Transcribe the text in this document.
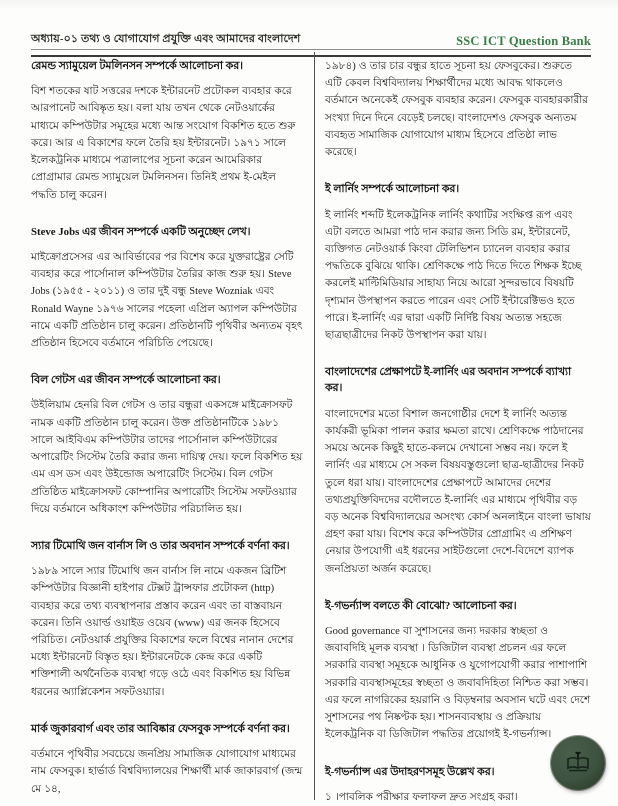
অধ্যায়-০১ তথ্য ও যোগাযোগ প্রযুক্তি এবং আমাদের বাংলাদেশ	SSC ICT Question Bank
রেমন্ড স্যামুয়েল টমলিনসন সম্পর্কে আলোচনা কর।

বিশ শতকের ষাট সত্তরের দশকে ইন্টারনেট প্রটোকল ব্যবহার করে আরপানেট আবিষ্কৃত হয়। বলা যায় তখন থেকে নেটওয়ার্কের মাধ্যমে কম্পিউটার সমূহের মধ্যে আন্ত সংযোগ বিকশিত হতে শুরু করে। আর এ বিকাশের ফলে তৈরি হয় ইন্টারনেট। ১৯৭১ সালে ইলেকট্রনিক মাধ্যমে পত্রালাপের সূচনা করেন আমেরিকার প্রোগ্রামার রেমন্ড স্যামুয়েল টমলিনসন। তিনিই প্রথম ই-মেইল পদ্ধতি চালু করেন।

Steve Jobs এর জীবন সম্পর্কে একটি অনুচ্ছেদ লেখ।

মাইক্রোপ্রসেসর এর আবির্ভাবের পর বিশেষ করে যুক্তরাষ্ট্রের সেটি ব্যবহার করে পার্সোনাল কম্পিউটার তৈরির কাজ শুরু হয়। Steve Jobs (১৯৫৫ - ২০১১) ও তার দুই বন্ধু Steve Wozniak এবং Ronald Wayne ১৯৭৬ সালের পহেলা এপ্রিল অ্যাপল কম্পিউটার নামে একটি প্রতিষ্ঠান চালু করেন। প্রতিষ্ঠানটি পৃথিবীর অন্যতম বৃহৎ প্রতিষ্ঠান হিসেবে বর্তমানে পরিচিতি পেয়েছে।

বিল গেটস এর জীবন সম্পর্কে আলোচনা কর।

উইলিয়াম হেনরি বিল গেটস ও তার বন্ধুরা একসঙ্গে মাইক্রোসফট নামক একটি প্রতিষ্ঠান চালু করেন। উক্ত প্রতিষ্ঠানটিকে ১৯৮১ সালে আইবিএম কম্পিউটার তাদের পার্সোনাল কম্পিউটারের অপারেটিং সিস্টেম তৈরি করার জন্য দায়িত্ব দেয়। ফলে বিকশিত হয় এম এস ডস এবং উইন্ডোজ অপারেটিং সিস্টেম। বিল গেটস প্রতিষ্ঠিত মাইক্রোসফট কোম্পানির অপারেটিং সিস্টেম সফটওয়্যার দিয়ে বর্তমানে অধিকাংশ কম্পিউটার পরিচালিত হয়।

স্যার টিমোথি জন বার্নাস লি ও তার অবদান সম্পর্কে বর্ণনা কর।

১৯৮৯ সালে স্যার টিমোথি জন বার্নাস লি নামে একজন ব্রিটিশ কম্পিউটার বিজ্ঞানী হাইপার টেক্সট ট্রান্সফার প্রটোকল (http) ব্যবহার করে তথ্য ব্যবস্থাপনার প্রস্তাব করেন এবং তা বাস্তবায়ন করেন। তিনি ওয়ার্ল্ড ওয়াইড ওয়েব (www) এর জনক হিসেবে পরিচিত। নেটওয়ার্ক প্রযুক্তির বিকাশের ফলে বিশ্বের নানান দেশের মধ্যে ইন্টারনেট বিস্তৃত হয়। ইন্টারনেটকে কেন্দ্র করে একটি শক্তিশালী অর্থনৈতিক ব্যবস্থা গড়ে ওঠে এবং বিকশিত হয় বিভিন্ন ধরনের অ্যাপ্লিকেশন সফটওয়্যার।

মার্ক জুকারবার্গ এবং তার আবিষ্কার ফেসবুক সম্পর্কে বর্ণনা কর।

বর্তমানে পৃথিবীর সবচেয়ে জনপ্রিয় সামাজিক যোগাযোগ মাধ্যমের নাম ফেসবুক। হার্ভার্ড বিশ্ববিদ্যালয়ের শিক্ষার্থী মার্ক জাকারবার্গ (জন্ম মে ১৪,

১৯৮৪) ও তার চার বন্ধুর হাতে সূচনা হয় ফেসবুকের। শুরুতে এটি কেবল বিশ্ববিদ্যালয় শিক্ষার্থীদের মধ্যে আবদ্ধ থাকলেও বর্তমানে অনেকেই ফেসবুক ব্যবহার করেন। ফেসবুক ব্যবহারকারীর সংখ্যা দিনে দিনে বেড়েই চলছে। বাংলাদেশও ফেসবুক অন্যতম ব্যবহৃত সামাজিক যোগাযোগ মাধ্যম হিসেবে প্রতিষ্ঠা লাভ করেছে।

ই লার্নিং সম্পর্কে আলোচনা কর।

ই লার্নিং শব্দটি ইলেকট্রনিক লার্নিং কথাটির সংক্ষিপ্ত রূপ এবং এটা বলতে আমরা পাঠ দান করার জন্য সিডি রম, ইন্টারনেট, ব্যক্তিগত নেটওয়ার্ক কিংবা টেলিভিশন চ্যানেল ব্যবহার করার পদ্ধতিকে বুঝিয়ে থাকি। শ্রেণিকক্ষে পাঠ দিতে দিতে শিক্ষক ইচ্ছে করলেই মাল্টিমিডিয়ার সাহায্য নিয়ে আরো সুন্দরভাবে বিষয়টি দৃশ্যমান উপস্থাপন করতে পারেন এবং সেটি ইন্টারেক্টিভও হতে পারে। ই-লার্নিং এর দ্বারা একটি নির্দিষ্ট বিষয় অত্যন্ত সহজে ছাত্রছাত্রীদের নিকট উপস্থাপন করা যায়।

বাংলাদেশের প্রেক্ষাপটে ই-লার্নিং এর অবদান সম্পর্কে ব্যাখ্যা কর।

বাংলাদেশের মতো বিশাল জনগোষ্ঠীর দেশে ই লার্নিং অত্যন্ত কার্যকরী ভূমিকা পালন করার ক্ষমতা রাখে। শ্রেণিকক্ষে পাঠদানের সময়ে অনেক কিছুই হাতে-কলমে দেখানো সম্ভব নয়। ফলে ই লার্নিং এর মাধ্যমে সে সকল বিষয়বস্তুগুলো ছাত্র-ছাত্রীদের নিকট তুলে ধরা যায়। বাংলাদেশের প্রেক্ষাপটে আমাদের দেশের তথ্যপ্রযুক্তিবিদদের বদৌলতে ই-লার্নিং এর মাধ্যমে পৃথিবীর বড় বড় অনেক বিশ্ববিদ্যালয়ের অসংখ্য কোর্স অনলাইনে বাংলা ভাষায় গ্রহণ করা যায়। বিশেষ করে কম্পিউটার প্রোগ্রামিং এ প্রশিক্ষণ নেয়ার উপযোগী এই ধরনের সাইটগুলো দেশে-বিদেশে ব্যাপক জনপ্রিয়তা অর্জন করেছে।

ই-গভর্ন্যান্স বলতে কী বোঝো? আলোচনা কর।

Good governance বা সুশাসনের জন্য দরকার স্বচ্ছতা ও জবাবদিহি মূলক ব্যবস্থা । ডিজিটাল ব্যবস্থা প্রচলন এর ফলে সরকারি ব্যবস্থা সমূহকে আধুনিক ও যুগোপযোগী করার পাশাপাশি সরকারি ব্যবস্থাসমূহের স্বচ্ছতা ও জবাবদিহিতা নিশ্চিত করা সম্ভব। এর ফলে নাগরিকের হয়রানি ও বিড়ম্বনার অবসান ঘটে এবং দেশে সুশাসনের পথ নিষ্কণ্টক হয়। শাসনব্যবস্থায় ও প্রক্রিয়ায় ইলেকট্রনিক বা ডিজিটাল পদ্ধতির প্রয়োগই ই-গভর্ন্যান্স।

ই-গভর্ন্যান্স এর উদাহরণসমূহ উল্লেখ কর।

১ ।পাবলিক পরীক্ষার ফলাফল দ্রুত সংগ্রহ করা।
